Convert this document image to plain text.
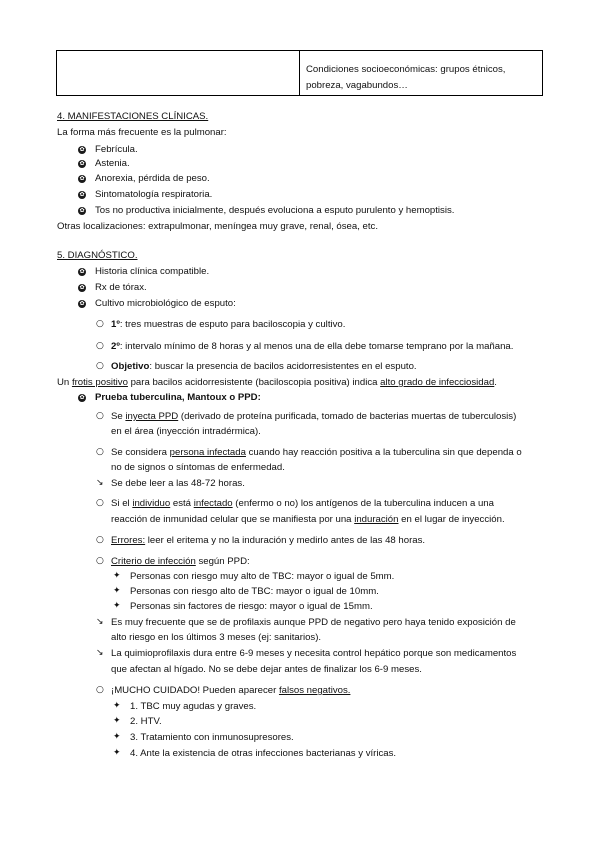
Condiciones socioeconómicas: grupos étnicos,
pobreza, vagabundos…
4. MANIFESTACIONES CLÍNICAS.
La forma más frecuente es la pulmonar:
✿ Febrícula.
✿ Astenia.
✿ Anorexia, pérdida de peso.
✿ Sintomatología respiratoria.
✿ Tos no productiva inicialmente, después evoluciona a esputo purulento y hemoptisis.
Otras localizaciones: extrapulmonar, meníngea muy grave, renal, ósea, etc.
5. DIAGNÓSTICO.
✿ Historia clínica compatible.
✿ Rx de tórax.
✿ Cultivo microbiológico de esputo:
○ 1º: tres muestras de esputo para baciloscopia y cultivo.
○ 2º: intervalo mínimo de 8 horas y al menos una de ella debe tomarse temprano por la mañana.
○ Objetivo: buscar la presencia de bacilos acidorresistentes en el esputo.
Un frotis positivo para bacilos acidorresistente (baciloscopia positiva) indica alto grado de infecciosidad.
✿ Prueba tuberculina, Mantoux o PPD:
○ Se inyecta PPD (derivado de proteína purificada, tomado de bacterias muertas de tuberculosis)
en el área (inyección intradérmica).
○ Se considera persona infectada cuando hay reacción positiva a la tuberculina sin que dependa o
no de signos o síntomas de enfermedad.
↘ Se debe leer a las 48-72 horas.
○ Si el individuo está infectado (enfermo o no) los antígenos de la tuberculina inducen a una
reacción de inmunidad celular que se manifiesta por una induración en el lugar de inyección.
○ Errores: leer el eritema y no la induración y medirlo antes de las 48 horas.
○ Criterio de infección según PPD:
✦ Personas con riesgo muy alto de TBC: mayor o igual de 5mm.
✦ Personas con riesgo alto de TBC: mayor o igual de 10mm.
✦ Personas sin factores de riesgo: mayor o igual de 15mm.
↘ Es muy frecuente que se de profilaxis aunque PPD de negativo pero haya tenido exposición de
alto riesgo en los últimos 3 meses (ej: sanitarios).
↘ La quimioprofilaxis dura entre 6-9 meses y necesita control hepático porque son medicamentos
que afectan al hígado. No se debe dejar antes de finalizar los 6-9 meses.
○ ¡MUCHO CUIDADO! Pueden aparecer falsos negativos.
✦ 1. TBC muy agudas y graves.
✦ 2. HTV.
✦ 3. Tratamiento con inmunosupresores.
✦ 4. Ante la existencia de otras infecciones bacterianas y víricas.
